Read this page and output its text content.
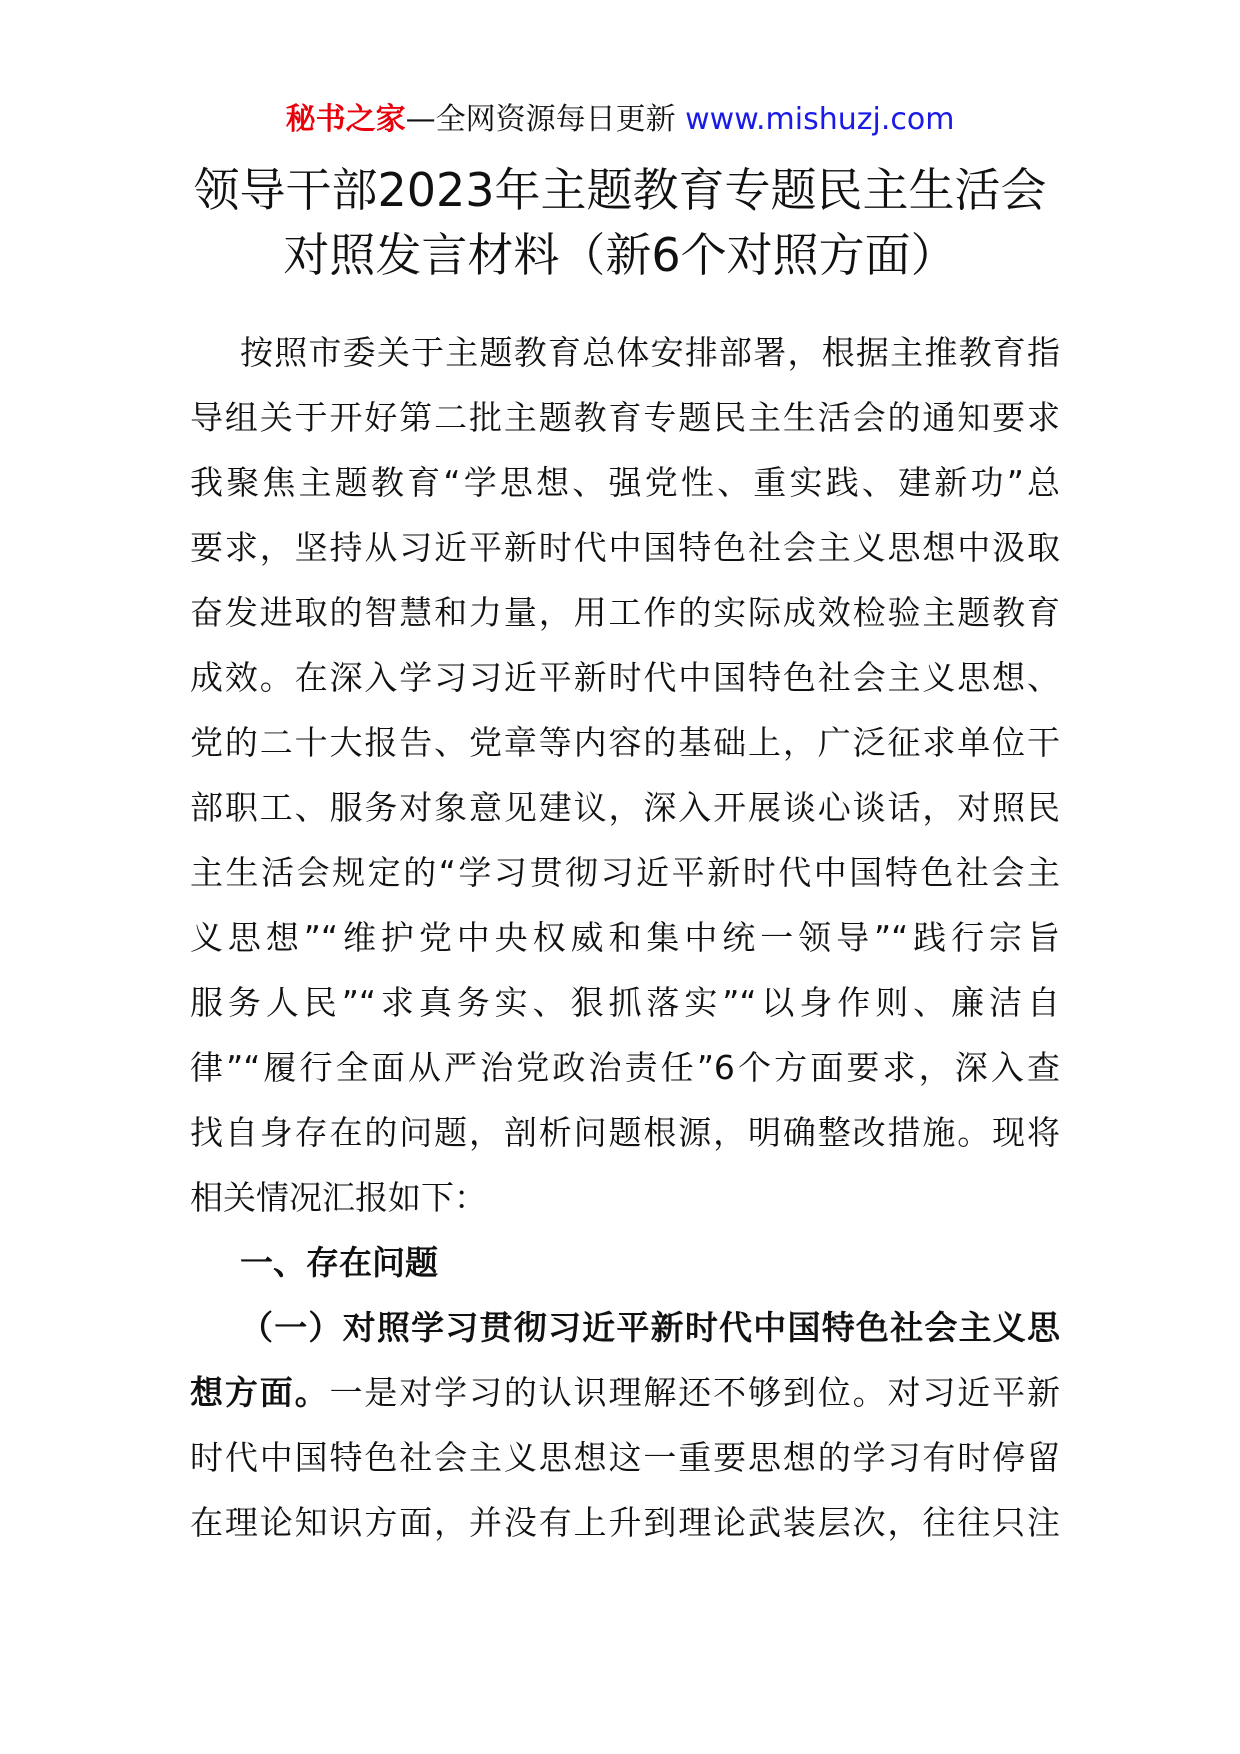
秘书之家—全网资源每日更新 www.mishuzj.com
领导干部2023年主题教育专题民主生活会
对照发言材料（新6个对照方面）
按照市委关于主题教育总体安排部署，根据主推教育指
导组关于开好第二批主题教育专题民主生活会的通知要求
我聚焦主题教育“学思想、强党性、重实践、建新功”总
要求，坚持从习近平新时代中国特色社会主义思想中汲取
奋发进取的智慧和力量，用工作的实际成效检验主题教育
成效。在深入学习习近平新时代中国特色社会主义思想、
党的二十大报告、党章等内容的基础上，广泛征求单位干
部职工、服务对象意见建议，深入开展谈心谈话，对照民
主生活会规定的“学习贯彻习近平新时代中国特色社会主
义思想”“维护党中央权威和集中统一领导”“践行宗旨
服务人民”“求真务实、狠抓落实”“以身作则、廉洁自
律”“履行全面从严治党政治责任”6个方面要求，深入查
找自身存在的问题，剖析问题根源，明确整改措施。现将
相关情况汇报如下：
一、存在问题
（一）对照学习贯彻习近平新时代中国特色社会主义思
想方面。一是对学习的认识理解还不够到位。对习近平新
时代中国特色社会主义思想这一重要思想的学习有时停留
在理论知识方面，并没有上升到理论武装层次，往往只注
